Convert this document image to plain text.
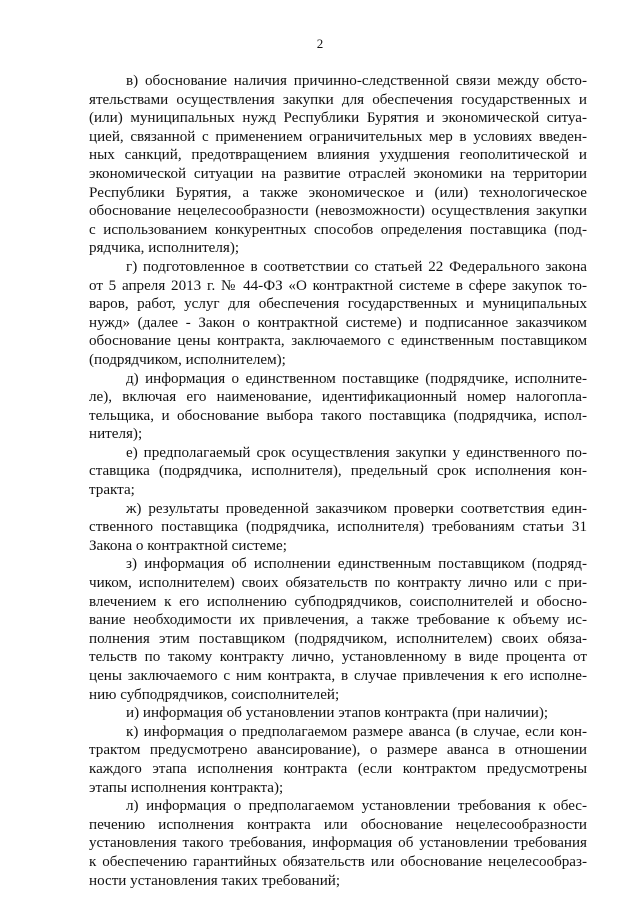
2
в) обоснование наличия причинно-следственной связи между обсто-
ятельствами осуществления закупки для обеспечения государственных и
(или) муниципальных нужд Республики Бурятия и экономической ситуа-
цией, связанной с применением ограничительных мер в условиях введен-
ных санкций, предотвращением влияния ухудшения геополитической и
экономической ситуации на развитие отраслей экономики на территории
Республики Бурятия, а также экономическое и (или) технологическое
обоснование нецелесообразности (невозможности) осуществления закупки
с использованием конкурентных способов определения поставщика (под-
рядчика, исполнителя);
г) подготовленное в соответствии со статьей 22 Федерального закона
от 5 апреля 2013 г. № 44-ФЗ «О контрактной системе в сфере закупок то-
варов, работ, услуг для обеспечения государственных и муниципальных
нужд» (далее - Закон о контрактной системе) и подписанное заказчиком
обоснование цены контракта, заключаемого с единственным поставщиком
(подрядчиком, исполнителем);
д) информация о единственном поставщике (подрядчике, исполните-
ле), включая его наименование, идентификационный номер налогопла-
тельщика, и обоснование выбора такого поставщика (подрядчика, испол-
нителя);
е) предполагаемый срок осуществления закупки у единственного по-
ставщика (подрядчика, исполнителя), предельный срок исполнения кон-
тракта;
ж) результаты проведенной заказчиком проверки соответствия един-
ственного поставщика (подрядчика, исполнителя) требованиям статьи 31
Закона о контрактной системе;
з) информация об исполнении единственным поставщиком (подряд-
чиком, исполнителем) своих обязательств по контракту лично или с при-
влечением к его исполнению субподрядчиков, соисполнителей и обосно-
вание необходимости их привлечения, а также требование к объему ис-
полнения этим поставщиком (подрядчиком, исполнителем) своих обяза-
тельств по такому контракту лично, установленному в виде процента от
цены заключаемого с ним контракта, в случае привлечения к его исполне-
нию субподрядчиков, соисполнителей;
и) информация об установлении этапов контракта (при наличии);
к) информация о предполагаемом размере аванса (в случае, если кон-
трактом предусмотрено авансирование), о размере аванса в отношении
каждого этапа исполнения контракта (если контрактом предусмотрены
этапы исполнения контракта);
л) информация о предполагаемом установлении требования к обес-
печению исполнения контракта или обоснование нецелесообразности
установления такого требования, информация об установлении требования
к обеспечению гарантийных обязательств или обоснование нецелесообраз-
ности установления таких требований;
